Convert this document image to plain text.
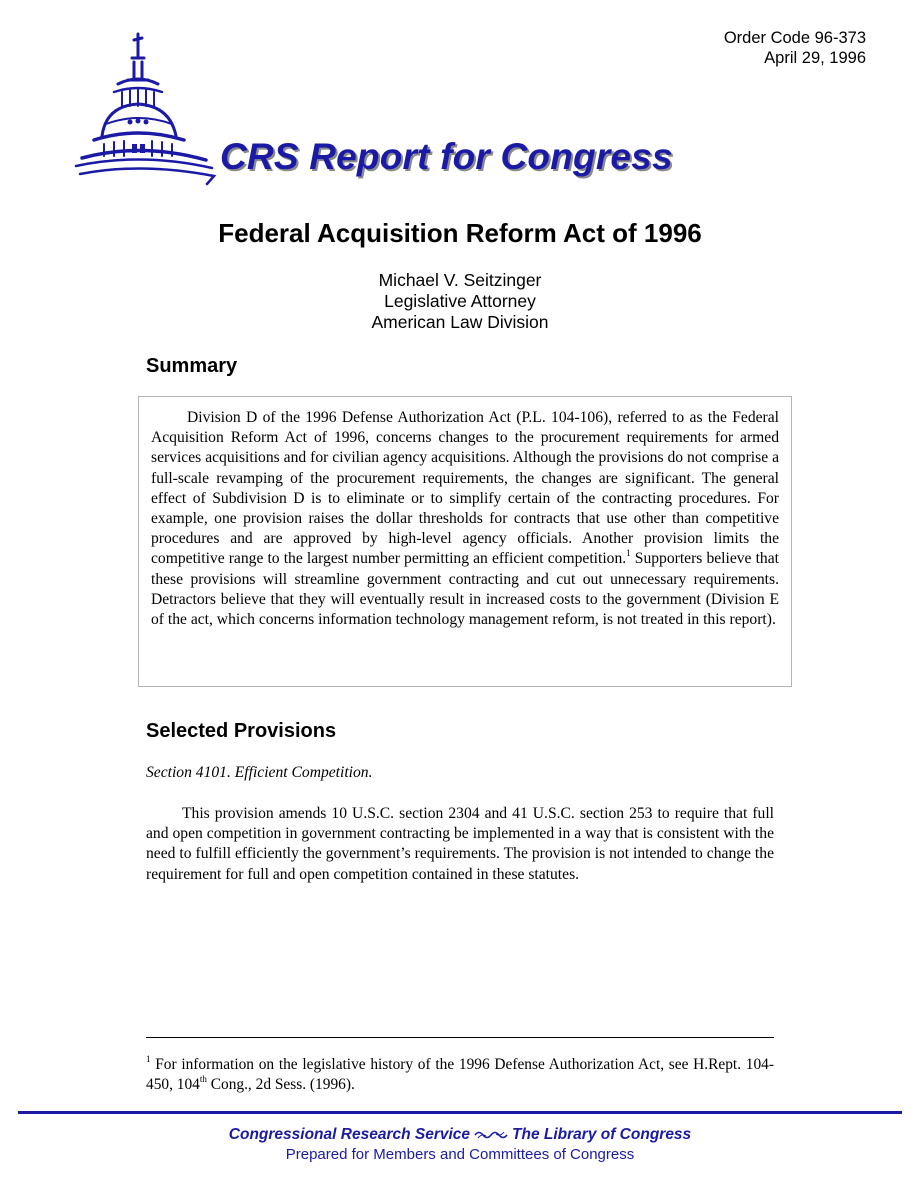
Order Code 96-373
April 29, 1996
CRS Report for Congress
Federal Acquisition Reform Act of 1996
Michael V. Seitzinger
Legislative Attorney
American Law Division
Summary

Division D of the 1996 Defense Authorization Act (P.L. 104-106), referred to as the Federal Acquisition Reform Act of 1996, concerns changes to the procurement requirements for armed services acquisitions and for civilian agency acquisitions. Although the provisions do not comprise a full-scale revamping of the procurement requirements, the changes are significant. The general effect of Subdivision D is to eliminate or to simplify certain of the contracting procedures. For example, one provision raises the dollar thresholds for contracts that use other than competitive procedures and are approved by high-level agency officials. Another provision limits the competitive range to the largest number permitting an efficient competition.$^1$ Supporters believe that these provisions will streamline government contracting and cut out unnecessary requirements. Detractors believe that they will eventually result in increased costs to the government (Division E of the act, which concerns information technology management reform, is not treated in this report).

Selected Provisions
Section 4101. Efficient Competition.

This provision amends 10 U.S.C. section 2304 and 41 U.S.C. section 253 to require that full and open competition in government contracting be implemented in a way that is consistent with the need to fulfill efficiently the government’s requirements. The provision is not intended to change the requirement for full and open competition contained in these statutes.

$^1$ For information on the legislative history of the 1996 Defense Authorization Act, see H.Rept. 104-450, 104th Cong., 2d Sess. (1996).

Congressional Research Service	The Library of Congress
Prepared for Members and Committees of Congress
